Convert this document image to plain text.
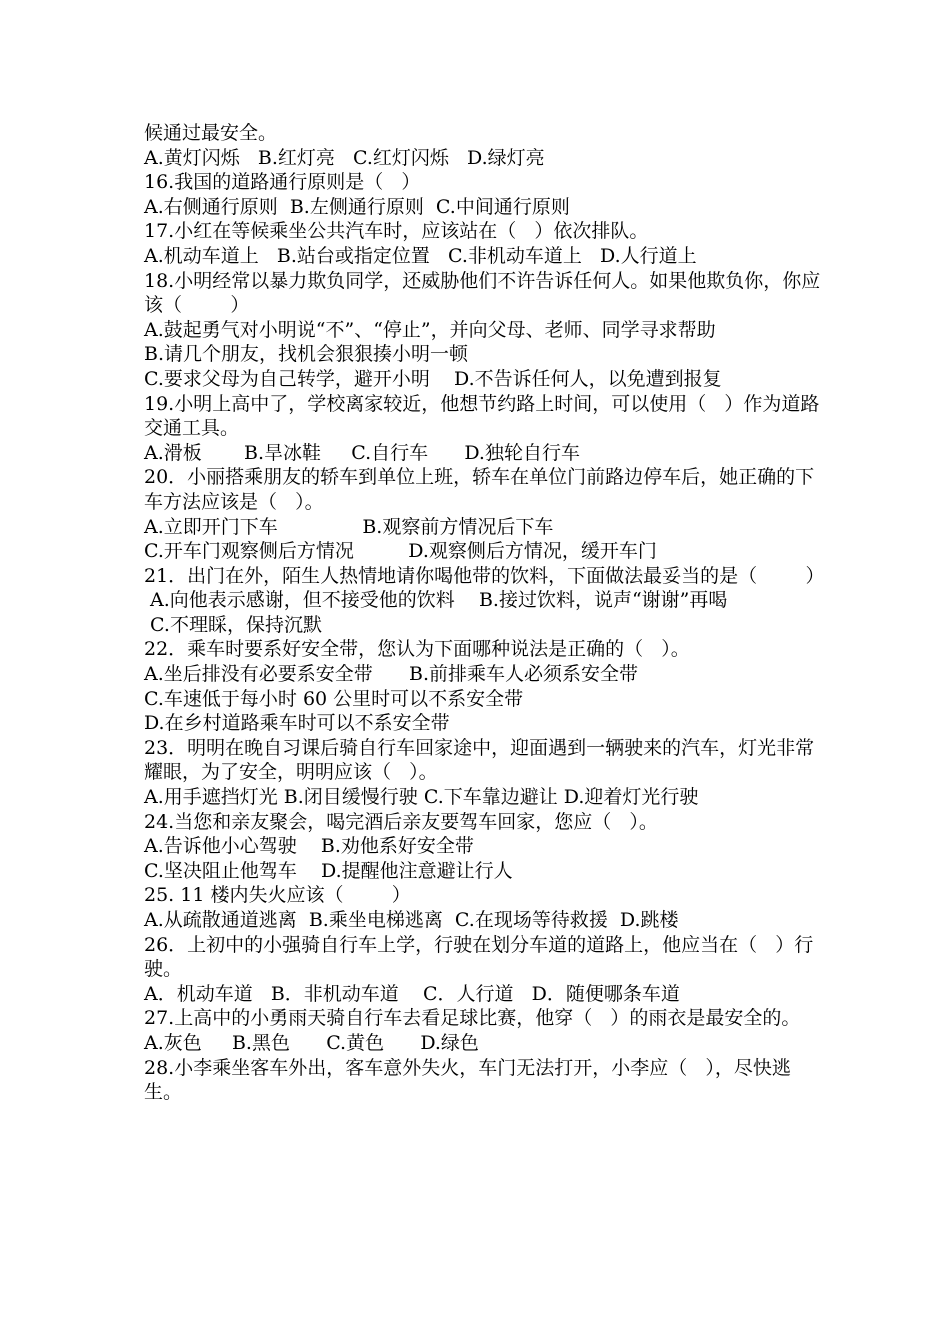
候通过最安全。
A.黄灯闪烁   B.红灯亮   C.红灯闪烁   D.绿灯亮
16.我国的道路通行原则是（   ）
A.右侧通行原则  B.左侧通行原则  C.中间通行原则
17.小红在等候乘坐公共汽车时，应该站在（   ）依次排队。
A.机动车道上   B.站台或指定位置   C.非机动车道上   D.人行道上
18.小明经常以暴力欺负同学，还威胁他们不许告诉任何人。如果他欺负你，你应该（        ）
A.鼓起勇气对小明说“不”、“停止”，并向父母、老师、同学寻求帮助
B.请几个朋友，找机会狠狠揍小明一顿
C.要求父母为自己转学，避开小明    D.不告诉任何人，以免遭到报复
19.小明上高中了，学校离家较近，他想节约路上时间，可以使用（   ）作为道路交通工具。
A.滑板       B.旱冰鞋     C.自行车      D.独轮自行车
20．小丽搭乘朋友的轿车到单位上班，轿车在单位门前路边停车后，她正确的下车方法应该是（   ）。
A.立即开门下车              B.观察前方情况后下车
C.开车门观察侧后方情况         D.观察侧后方情况，缓开车门
21．出门在外，陌生人热情地请你喝他带的饮料，下面做法最妥当的是（        ）
A.向他表示感谢，但不接受他的饮料    B.接过饮料，说声“谢谢”再喝
C.不理睬，保持沉默
22．乘车时要系好安全带，您认为下面哪种说法是正确的（   ）。
A.坐后排没有必要系安全带      B.前排乘车人必须系安全带
C.车速低于每小时 60 公里时可以不系安全带
D.在乡村道路乘车时可以不系安全带
23．明明在晚自习课后骑自行车回家途中，迎面遇到一辆驶来的汽车，灯光非常耀眼，为了安全，明明应该（   ）。
A.用手遮挡灯光 B.闭目缓慢行驶 C.下车靠边避让 D.迎着灯光行驶
24.当您和亲友聚会，喝完酒后亲友要驾车回家，您应（   ）。
A.告诉他小心驾驶    B.劝他系好安全带
C.坚决阻止他驾车    D.提醒他注意避让行人
25. 11 楼内失火应该（        ）
A.从疏散通道逃离  B.乘坐电梯逃离  C.在现场等待救援  D.跳楼
26．上初中的小强骑自行车上学，行驶在划分车道的道路上，他应当在（   ）行驶。
A．机动车道   B．非机动车道    C．人行道   D．随便哪条车道
27.上高中的小勇雨天骑自行车去看足球比赛，他穿（   ）的雨衣是最安全的。
A.灰色     B.黑色      C.黄色      D.绿色
28.小李乘坐客车外出，客车意外失火，车门无法打开，小李应（   ），尽快逃生。
